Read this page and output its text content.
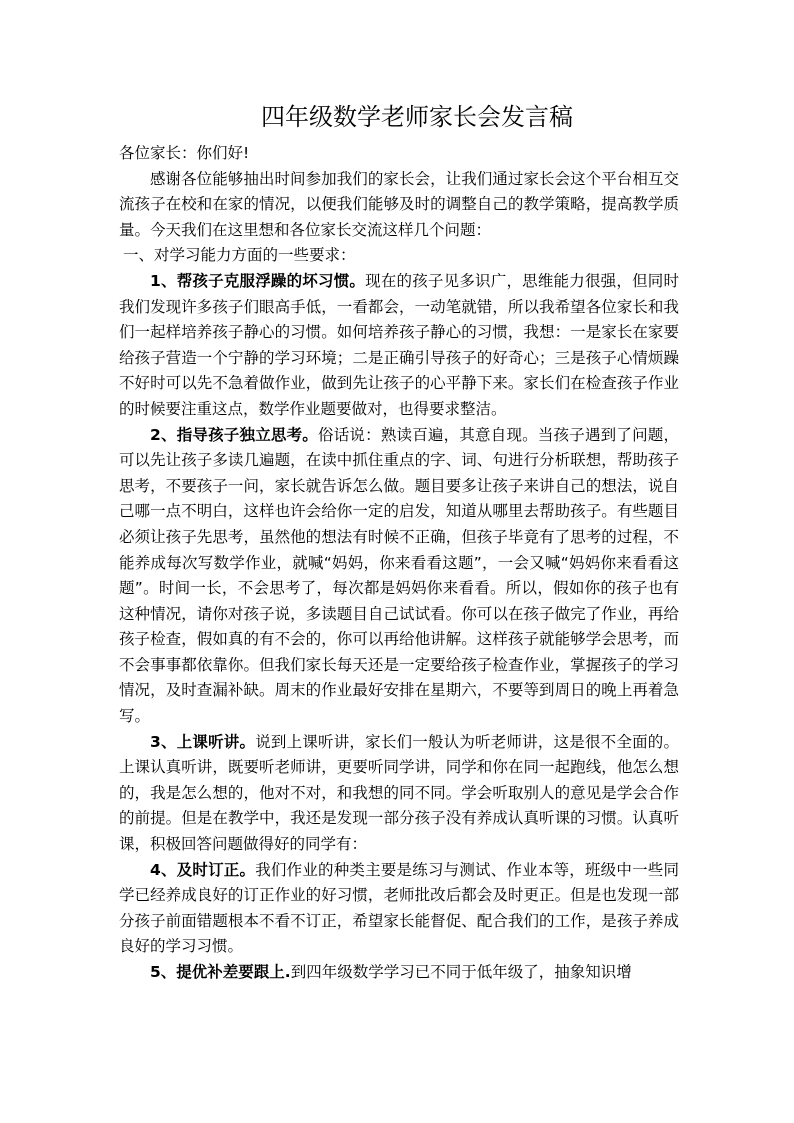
四年级数学老师家长会发言稿

各位家长：你们好!

感谢各位能够抽出时间参加我们的家长会，让我们通过家长会这个平台相互交流孩子在校和在家的情况，以便我们能够及时的调整自己的教学策略，提高教学质量。今天我们在这里想和各位家长交流这样几个问题：

一、对学习能力方面的一些要求：

1、帮孩子克服浮躁的坏习惯。现在的孩子见多识广，思维能力很强，但同时我们发现许多孩子们眼高手低，一看都会，一动笔就错，所以我希望各位家长和我们一起样培养孩子静心的习惯。如何培养孩子静心的习惯，我想：一是家长在家要给孩子营造一个宁静的学习环境；二是正确引导孩子的好奇心；三是孩子心情烦躁不好时可以先不急着做作业，做到先让孩子的心平静下来。家长们在检查孩子作业的时候要注重这点，数学作业题要做对，也得要求整洁。

2、指导孩子独立思考。俗话说：熟读百遍，其意自现。当孩子遇到了问题，可以先让孩子多读几遍题，在读中抓住重点的字、词、句进行分析联想，帮助孩子思考，不要孩子一问，家长就告诉怎么做。题目要多让孩子来讲自己的想法，说自己哪一点不明白，这样也许会给你一定的启发，知道从哪里去帮助孩子。有些题目必须让孩子先思考，虽然他的想法有时候不正确，但孩子毕竟有了思考的过程，不能养成每次写数学作业，就喊“妈妈，你来看看这题”，一会又喊“妈妈你来看看这题”。时间一长，不会思考了，每次都是妈妈你来看看。所以，假如你的孩子也有这种情况，请你对孩子说，多读题目自己试试看。你可以在孩子做完了作业，再给孩子检查，假如真的有不会的，你可以再给他讲解。这样孩子就能够学会思考，而不会事事都依靠你。但我们家长每天还是一定要给孩子检查作业，掌握孩子的学习情况，及时查漏补缺。周末的作业最好安排在星期六，不要等到周日的晚上再着急写。

3、上课听讲。说到上课听讲，家长们一般认为听老师讲，这是很不全面的。上课认真听讲，既要听老师讲，更要听同学讲，同学和你在同一起跑线，他怎么想的，我是怎么想的，他对不对，和我想的同不同。学会听取别人的意见是学会合作的前提。但是在教学中，我还是发现一部分孩子没有养成认真听课的习惯。认真听课，积极回答问题做得好的同学有：

4、及时订正。我们作业的种类主要是练习与测试、作业本等，班级中一些同学已经养成良好的订正作业的好习惯，老师批改后都会及时更正。但是也发现一部分孩子前面错题根本不看不订正，希望家长能督促、配合我们的工作，是孩子养成良好的学习习惯。

5、提优补差要跟上.到四年级数学学习已不同于低年级了，抽象知识增
